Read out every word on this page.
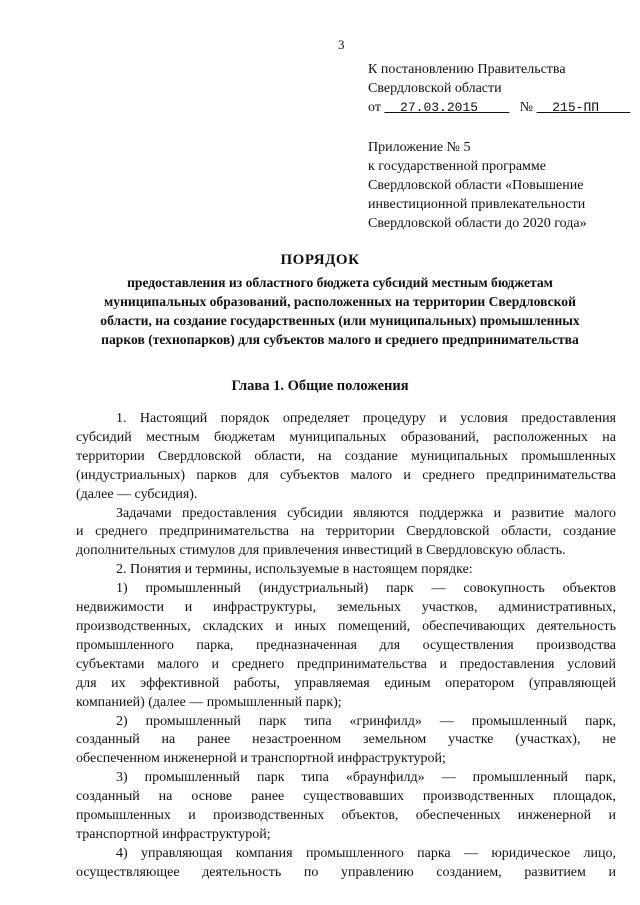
3
К постановлению Правительства
Свердловской области
от 27.03.2015	№ 215-ПП
Приложение № 5
к государственной программе
Свердловской области «Повышение
инвестиционной привлекательности
Свердловской области до 2020 года»
ПОРЯДОК
предоставления из областного бюджета субсидий местным бюджетам
муниципальных образований, расположенных на территории Свердловской
области, на создание государственных (или муниципальных) промышленных
парков (технопарков) для субъектов малого и среднего предпринимательства
Глава 1. Общие положения
1. Настоящий порядок определяет процедуру и условия предоставления
субсидий местным бюджетам муниципальных образований, расположенных на
территории Свердловской области, на создание муниципальных промышленных
(индустриальных) парков для субъектов малого и среднего предпринимательства
(далее — субсидия).
Задачами предоставления субсидии являются поддержка и развитие малого
и среднего предпринимательства на территории Свердловской области, создание
дополнительных стимулов для привлечения инвестиций в Свердловскую область.
2. Понятия и термины, используемые в настоящем порядке:
1) промышленный (индустриальный) парк — совокупность объектов
недвижимости и инфраструктуры, земельных участков, административных,
производственных, складских и иных помещений, обеспечивающих деятельность
промышленного парка, предназначенная для осуществления производства
субъектами малого и среднего предпринимательства и предоставления условий
для их эффективной работы, управляемая единым оператором (управляющей
компанией) (далее — промышленный парк);
2) промышленный парк типа «гринфилд» — промышленный парк,
созданный на ранее незастроенном земельном участке (участках), не
обеспеченном инженерной и транспортной инфраструктурой;
3) промышленный парк типа «браунфилд» — промышленный парк,
созданный на основе ранее существовавших производственных площадок,
промышленных и производственных объектов, обеспеченных инженерной и
транспортной инфраструктурой;
4) управляющая компания промышленного парка — юридическое лицо,
осуществляющее деятельность по управлению созданием, развитием и
